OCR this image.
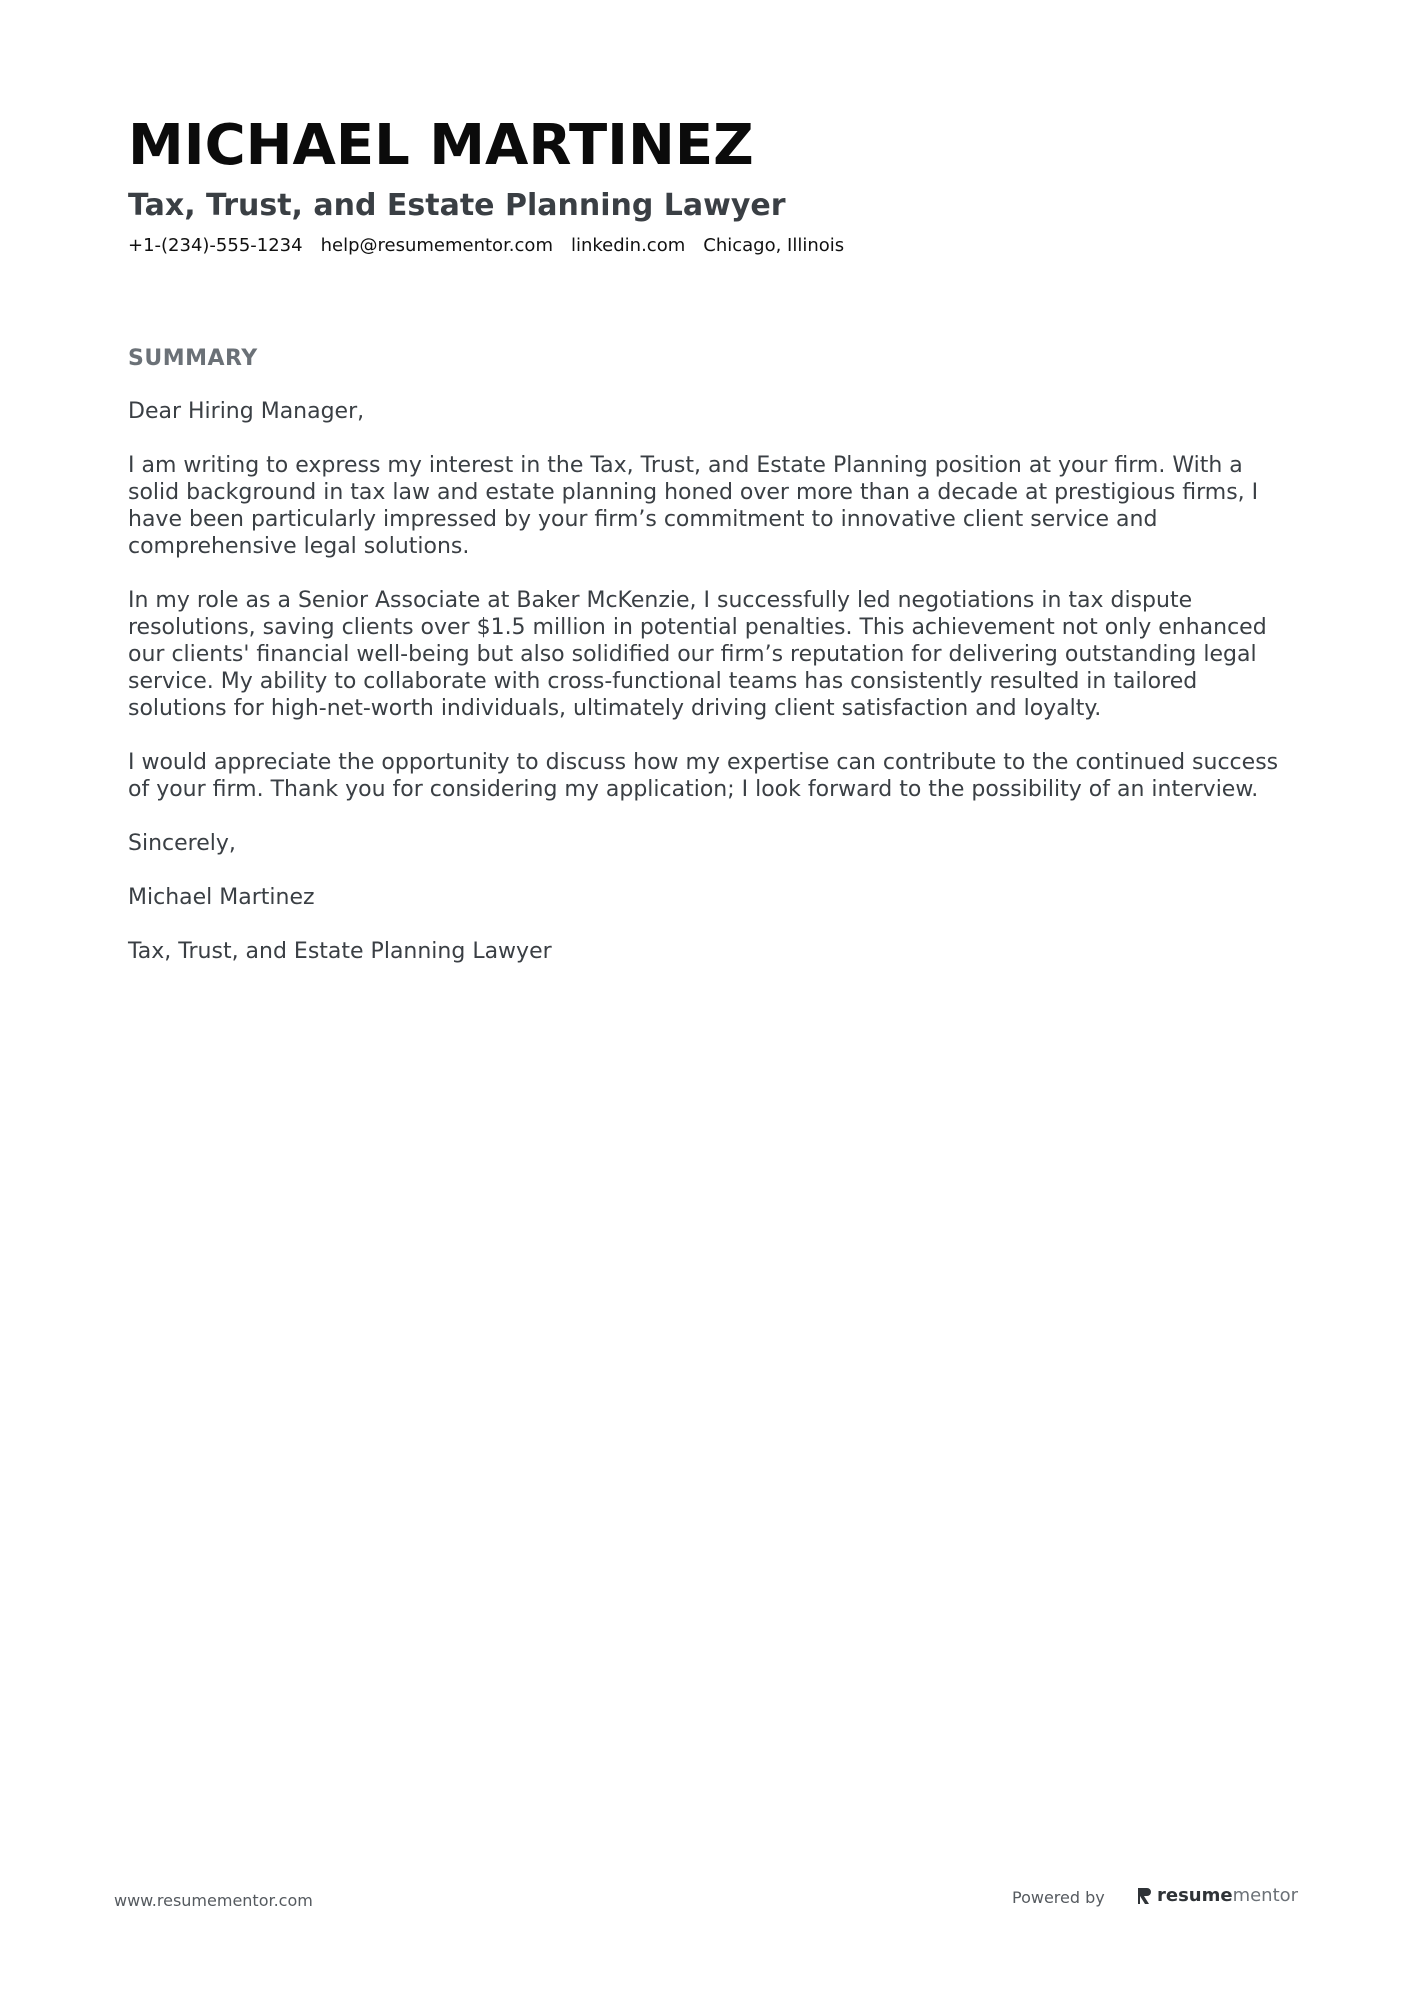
MICHAEL MARTINEZ
Tax, Trust, and Estate Planning Lawyer
+1-(234)-555-1234 help@resumementor.com linkedin.com Chicago, Illinois
SUMMARY

Dear Hiring Manager,

I am writing to express my interest in the Tax, Trust, and Estate Planning position at your firm. With a solid background in tax law and estate planning honed over more than a decade at prestigious firms, I have been particularly impressed by your firm’s commitment to innovative client service and comprehensive legal solutions.

In my role as a Senior Associate at Baker McKenzie, I successfully led negotiations in tax dispute resolutions, saving clients over $1.5 million in potential penalties. This achievement not only enhanced our clients' financial well-being but also solidified our firm’s reputation for delivering outstanding legal service. My ability to collaborate with cross-functional teams has consistently resulted in tailored solutions for high-net-worth individuals, ultimately driving client satisfaction and loyalty.

I would appreciate the opportunity to discuss how my expertise can contribute to the continued success of your firm. Thank you for considering my application; I look forward to the possibility of an interview.

Sincerely,

Michael Martinez

Tax, Trust, and Estate Planning Lawyer

www.resumementor.com	Powered by	resumementor
